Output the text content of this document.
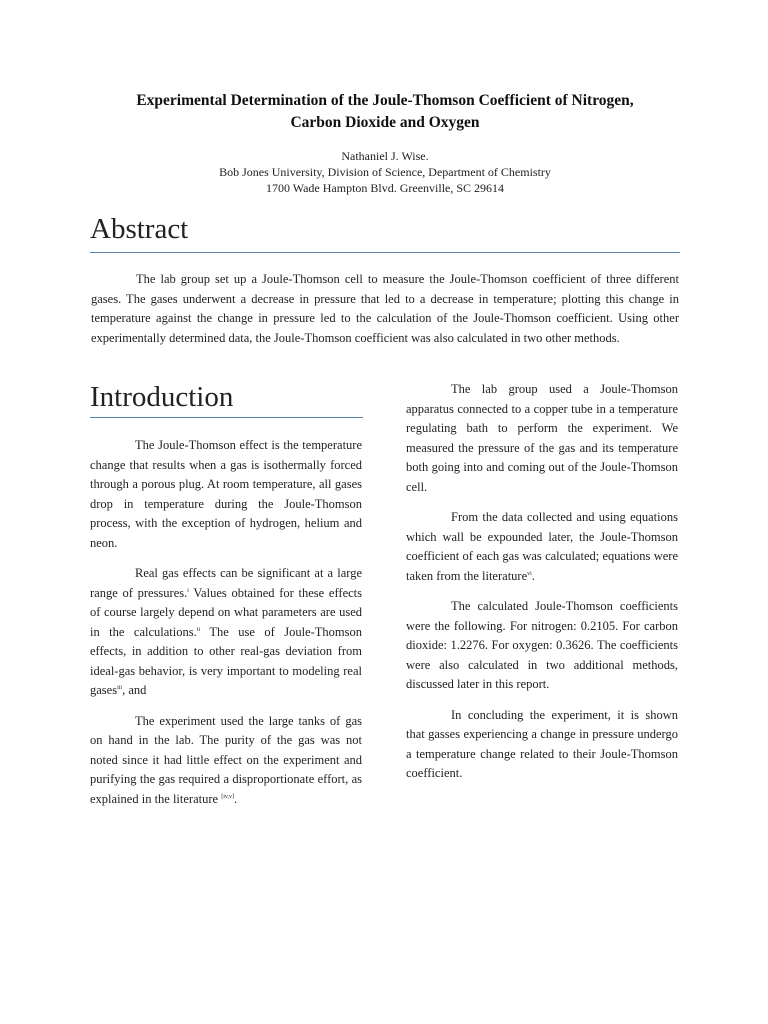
Experimental Determination of the Joule-Thomson Coefficient of Nitrogen,
Carbon Dioxide and Oxygen
Nathaniel J. Wise.
Bob Jones University, Division of Science, Department of Chemistry
1700 Wade Hampton Blvd. Greenville, SC 29614
Abstract

The lab group set up a Joule-Thomson cell to measure the Joule-Thomson coefficient of three different gases. The gases underwent a decrease in pressure that led to a decrease in temperature; plotting this change in temperature against the change in pressure led to the calculation of the Joule-Thomson coefficient. Using other experimentally determined data, the Joule-Thomson coefficient was also calculated in two other methods.

Introduction

The Joule-Thomson effect is the temperature change that results when a gas is isothermally forced through a porous plug. At room temperature, all gases drop in temperature during the Joule-Thomson process, with the exception of hydrogen, helium and neon.

Real gas effects can be significant at a large range of pressures.$^i$ Values obtained for these effects of course largely depend on what parameters are used in the calculations.$^{ii}$ The use of Joule-Thomson effects, in addition to other real-gas deviation from ideal-gas behavior, is very important to modeling real gases$^{iii}$, and

The experiment used the large tanks of gas on hand in the lab. The purity of the gas was not noted since it had little effect on the experiment and purifying the gas required a disproportionate effort, as explained in the literature [iv,v].

The lab group used a Joule-Thomson apparatus connected to a copper tube in a temperature regulating bath to perform the experiment. We measured the pressure of the gas and its temperature both going into and coming out of the Joule-Thomson cell.

From the data collected and using equations which wall be expounded later, the Joule-Thomson coefficient of each gas was calculated; equations were taken from the literature$^{vi}$.

The calculated Joule-Thomson coefficients were the following. For nitrogen: 0.2105. For carbon dioxide: 1.2276. For oxygen: 0.3626. The coefficients were also calculated in two additional methods, discussed later in this report.

In concluding the experiment, it is shown that gasses experiencing a change in pressure undergo a temperature change related to their Joule-Thomson coefficient.
